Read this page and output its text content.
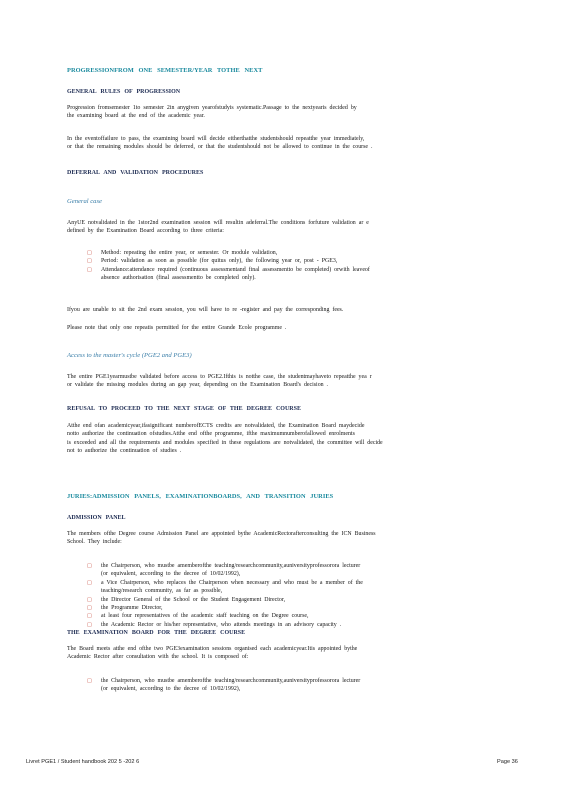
PROGRESSIONFROM ONE SEMESTER/YEAR TOTHE NEXT
GENERAL RULES OF PROGRESSION
Progression fromsemester 1to semester 2in anygiven yearofstudyis systematic.Passage to the nextyearis decided by
the examining board at the end of the academic year.
In the eventoffailure to pass, the examining board will decide eitherthatthe studentshould repeatthe year immediately,
or that the remaining modules should be deferred, or that the studentshould not be allowed to continue in the course .
DEFERRAL AND VALIDATION PROCEDURES
General case
AnyUE notvalidated in the 1stor2nd examination session will resultin adeferral.The conditions forfuture validation ar e
defined by the Examination Board according to three criteria:
□ Method: repeating the entire year, or semester. Or module validation,
□ Period: validation as soon as possible (for quitus only), the following year or, post - PGE3,
□ Attendance:attendance required (continuous assessmentand final assessmentto be completed) orwith leaveof
absence authorisation (final assessmentto be completed only).
Ifyou are unable to sit the 2nd exam session, you will have to re -register and pay the corresponding fees.
Please note that only one repeatis permitted for the entire Grande Ecole programme .
Access to the master's cycle (PGE2 and PGE3)
The entire PGE1yearmustbe validated before access to PGE2.Ifthis is notthe case, the studentmayhaveto repeatthe yea r
or validate the missing modules during an gap year, depending on the Examination Board's decision .
REFUSAL TO PROCEED TO THE NEXT STAGE OF THE DEGREE COURSE
Atthe end ofan academicyear,ifasignificant numberofECTS credits are notvalidated, the Examination Board maydecide
notto authorize the continuation ofstudies.Atthe end ofthe programme, ifthe maximumnumberofallowed enrolments
is exceeded and all the requirements and modules specified in these regulations are notvalidated, the committee will decide
not to authorize the continuation of studies .
JURIES:ADMISSION PANELS, EXAMINATIONBOARDS, AND TRANSITION JURIES
ADMISSION PANEL
The members ofthe Degree course Admission Panel are appointed bythe AcademicRectorafterconsulting the ICN Business
School. They include:
□ the Chairperson, who mustbe amemberofthe teaching/researchcommunity,auniversityprofessorora lecturer
(or equivalent, according to the decree of 10/02/1992),
□ a Vice Chairperson, who replaces the Chairperson when necessary and who must be a member of the
teaching/research community, as far as possible,
□ the Director General of the School or the Student Engagement Director,
□ the Programme Director,
□ at least four representatives of the academic staff teaching on the Degree course,
□ the Academic Rector or his/her representative, who attends meetings in an advisory capacity .
THE EXAMINATION BOARD FOR THE DEGREE COURSE
The Board meets atthe end ofthe two PGE3examination sessions organised each academicyear.Itis appointed bythe
Academic Rector after consultation with the school. It is composed of:
□ the Chairperson, who mustbe amemberofthe teaching/researchcommunity,auniversityprofessorora lecturer
(or equivalent, according to the decree of 10/02/1992),
Livret PGE1 / Student handbook 202 5 -202 6	Page 36
